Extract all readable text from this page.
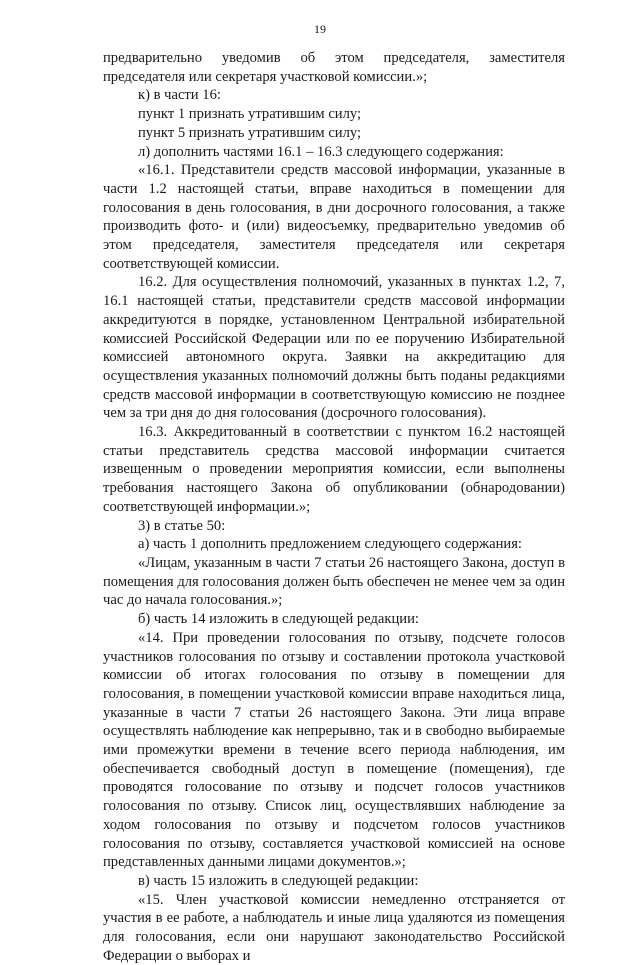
19

предварительно уведомив об этом председателя, заместителя председателя или секретаря участковой комиссии.»;

к) в части 16:

пункт 1 признать утратившим силу;

пункт 5 признать утратившим силу;

л) дополнить частями 16.1 – 16.3 следующего содержания:

«16.1. Представители средств массовой информации, указанные в части 1.2 настоящей статьи, вправе находиться в помещении для голосования в день голосования, в дни досрочного голосования, а также производить фото- и (или) видеосъемку, предварительно уведомив об этом председателя, заместителя председателя или секретаря соответствующей комиссии.

16.2. Для осуществления полномочий, указанных в пунктах 1.2, 7, 16.1 настоящей статьи, представители средств массовой информации аккредитуются в порядке, установленном Центральной избирательной комиссией Российской Федерации или по ее поручению Избирательной комиссией автономного округа. Заявки на аккредитацию для осуществления указанных полномочий должны быть поданы редакциями средств массовой информации в соответствующую комиссию не позднее чем за три дня до дня голосования (досрочного голосования).

16.3. Аккредитованный в соответствии с пунктом 16.2 настоящей статьи представитель средства массовой информации считается извещенным о проведении мероприятия комиссии, если выполнены требования настоящего Закона об опубликовании (обнародовании) соответствующей информации.»;

3) в статье 50:

а) часть 1 дополнить предложением следующего содержания:

«Лицам, указанным в части 7 статьи 26 настоящего Закона, доступ в помещения для голосования должен быть обеспечен не менее чем за один час до начала голосования.»;

б) часть 14 изложить в следующей редакции:

«14. При проведении голосования по отзыву, подсчете голосов участников голосования по отзыву и составлении протокола участковой комиссии об итогах голосования по отзыву в помещении для голосования, в помещении участковой комиссии вправе находиться лица, указанные в части 7 статьи 26 настоящего Закона. Эти лица вправе осуществлять наблюдение как непрерывно, так и в свободно выбираемые ими промежутки времени в течение всего периода наблюдения, им обеспечивается свободный доступ в помещение (помещения), где проводятся голосование по отзыву и подсчет голосов участников голосования по отзыву. Список лиц, осуществлявших наблюдение за ходом голосования по отзыву и подсчетом голосов участников голосования по отзыву, составляется участковой комиссией на основе представленных данными лицами документов.»;

в) часть 15 изложить в следующей редакции:

«15. Член участковой комиссии немедленно отстраняется от участия в ее работе, а наблюдатель и иные лица удаляются из помещения для голосования, если они нарушают законодательство Российской Федерации о выборах и
